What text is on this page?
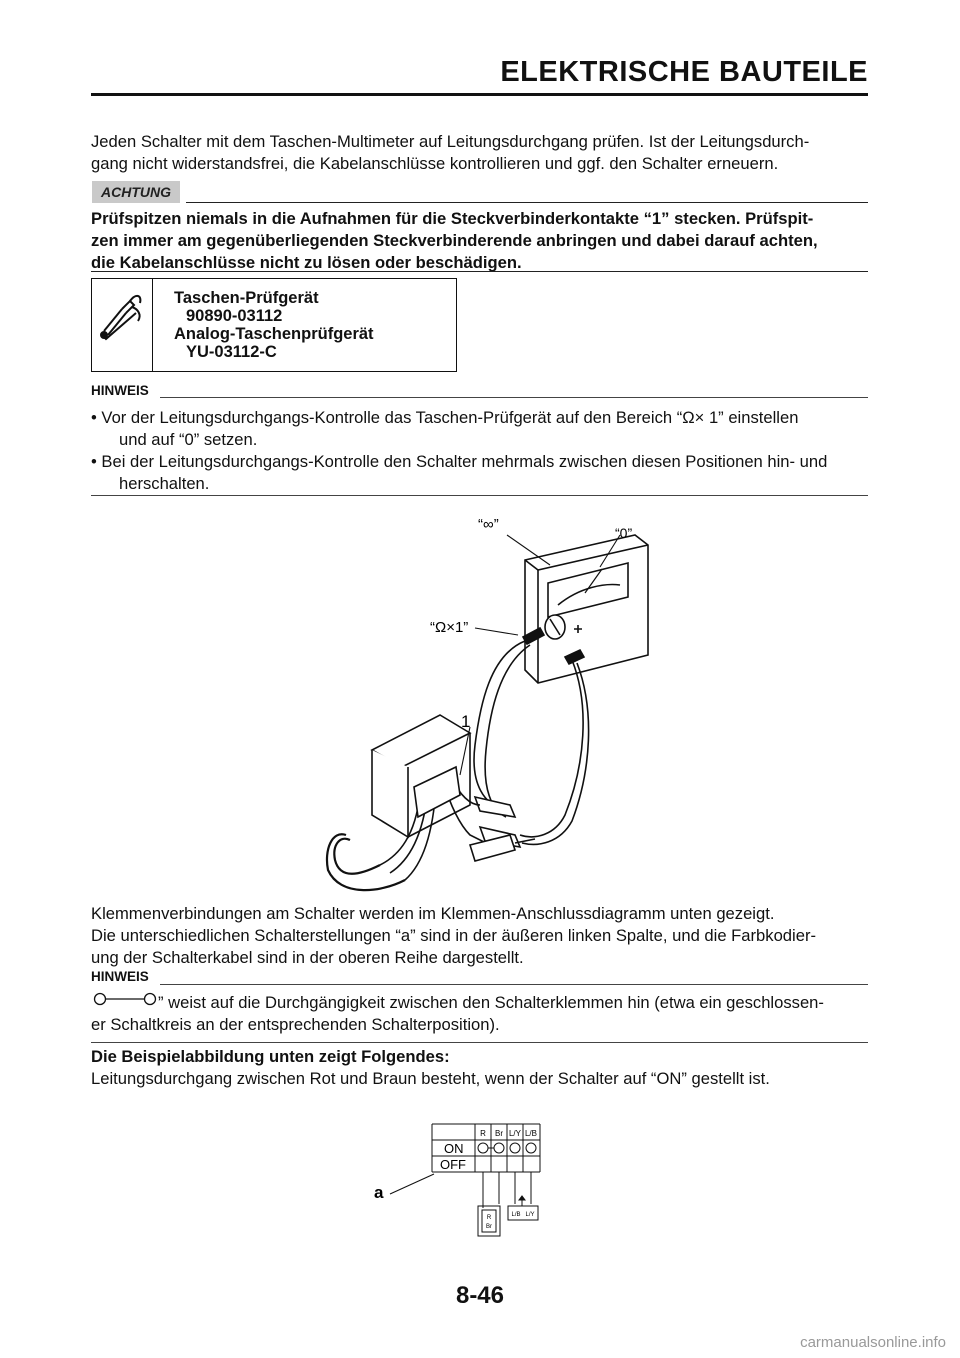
ELEKTRISCHE BAUTEILE

Jeden Schalter mit dem Taschen-Multimeter auf Leitungsdurchgang prüfen. Ist der Leitungsdurch-

gang nicht widerstandsfrei, die Kabelanschlüsse kontrollieren und ggf. den Schalter erneuern.

ACHTUNG

Prüfspitzen niemals in die Aufnahmen für die Steckverbinderkontakte “1” stecken. Prüfspit-

zen immer am gegenüberliegenden Steckverbinderende anbringen und dabei darauf achten,

die Kabelanschlüsse nicht zu lösen oder beschädigen.

Taschen-Prüfgerät
90890-03112
Analog-Taschenprüfgerät
YU-03112-C
HINWEIS
• Vor der Leitungsdurchgangs-Kontrolle das Taschen-Prüfgerät auf den Bereich “Ω× 1” einstellen
und auf “0” setzen.
• Bei der Leitungsdurchgangs-Kontrolle den Schalter mehrmals zwischen diesen Positionen hin- und
herschalten.
“∞”	“0”
“Ω×1”
1

Klemmenverbindungen am Schalter werden im Klemmen-Anschlussdiagramm unten gezeigt.

Die unterschiedlichen Schalterstellungen “a” sind in der äußeren linken Spalte, und die Farbkodier-

ung der Schalterkabel sind in der oberen Reihe dargestellt.

HINWEIS

” weist auf die Durchgängigkeit zwischen den Schalterklemmen hin (etwa ein geschlossen-

er Schaltkreis an der entsprechenden Schalterposition).

Die Beispielabbildung unten zeigt Folgendes:

Leitungsdurchgang zwischen Rot und Braun besteht, wenn der Schalter auf “ON” gestellt ist.

R Br L/Y L/B
ON
OFF
R
Br
L/B L/Y
a
8-46
carmanualsonline.info
